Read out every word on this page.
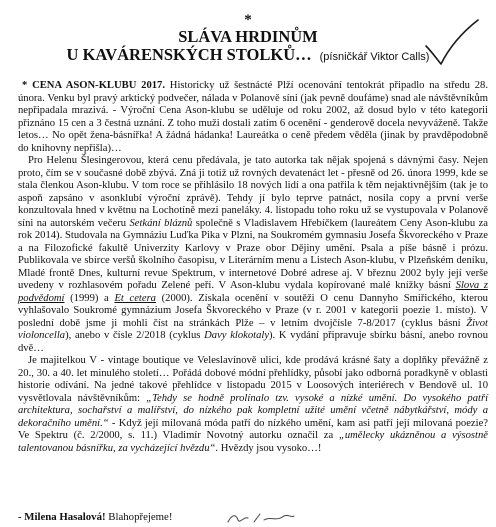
*
SLÁVA HRDINŮM
U KAVÁRENSKÝCH STOLKŮ… (písničkář Viktor Calls)

* CENA ASON-KLUBU 2017. Historicky už šestnácté Plží ocenování tentokrát připadlo na středu 28. února. Venku byl pravý arktický podvečer, nálada v Polanově síni (jak pevně doufáme) snad ale návštěvníkům nepřipadala mrazivá. - Výroční Cena Ason-klubu se uděluje od roku 2002, až dosud bylo v této kategorii přiznáno 15 cen a 3 čestná uznání. Z toho muži dostali zatím 6 ocenění - genderově docela nevyváženě. Takže letos… No opět žena-básnířka! A žádná hádanka! Laureátka o ceně předem věděla (jinak by pravděpodobně do knihovny nepřišla)…

Pro Helenu Šlesingerovou, která cenu předávala, je tato autorka tak nějak spojená s dávnými časy. Nejen proto, čím se v současné době zbývá. Zná ji totiž už rovných devatenáct let - přesně od 26. února 1999, kde se stala členkou Ason-klubu. V tom roce se přihlásilo 18 nových lidí a ona patřila k těm nejaktivnějším (tak je to aspoň zapsáno v asonklubí výroční zprávě). Tehdy jí bylo teprve patnáct, nosila copy a první verše konzultovala hned v květnu na Lochotíně mezi paneláky. 4. listopadu toho roku už se vystupovala v Polanově síni na autorském večeru Setkání bláznů společně s Vladislavem Hřebíčkem (laureátem Ceny Ason-klubu za rok 2014). Studovala na Gymnáziu Luďka Pika v Plzni, na Soukromém gymnasiu Josefa Škvoreckého v Praze a na Filozofické fakultě Univerzity Karlovy v Praze obor Dějiny umění. Psala a píše básně i prózu. Publikovala ve sbírce veršů školního časopisu, v Literárním menu a Listech Ason-klubu, v Plzeňském deníku, Mladé frontě Dnes, kulturní revue Spektrum, v internetové Dobré adrese aj. V březnu 2002 byly její verše uvedeny v rozhlasovém pořadu Zelené peří. V Ason-klubu vydala kopírované malé knížky básní Slova z podvědomí (1999) a Et cetera (2000). Získala ocenění v soutěži O cenu Dannyho Smiřického, kterou vyhlašovalo Soukromé gymnázium Josefa Škvoreckého v Praze (v r. 2001 v kategorii poezie 1. místo). V poslední době jsme ji mohli číst na stránkách Plže – v letním dvojčísle 7-8/2017 (cyklus básní Život violoncella), anebo v čísle 2/2018 (cyklus Davy klokotaly). K vydání připravuje sbírku básní, anebo rovnou dvě…

Je majitelkou V - vintage boutique ve Veleslavínově ulici, kde prodává krásné šaty a doplňky převážně z 20., 30. a 40. let minulého století… Pořádá dobové módní přehlídky, působí jako odborná poradkyně v oblasti historie odívání. Na jedné takové přehlídce v listopadu 2015 v Loosových interiérech v Bendově ul. 10 vysvětlovala návštěvníkům: „Tehdy se hodně prolínalo tzv. vysoké a nízké umění. Do vysokého patří architektura, sochařství a malířství, do nízkého pak kompletní užité umění včetně nábytkářství, módy a dekoračního umění.“ - Když její milovaná móda patří do nízkého umění, kam asi patří její milovaná poezie? Ve Spektru (č. 2/2000, s. 11.) Vladimír Novotný autorku označil za „umělecky ukázněnou a výsostně talentovanou básnířku, za vycházející hvězdu“. Hvězdy jsou vysoko…!

- Milena Hasalová! Blahopřejeme!
